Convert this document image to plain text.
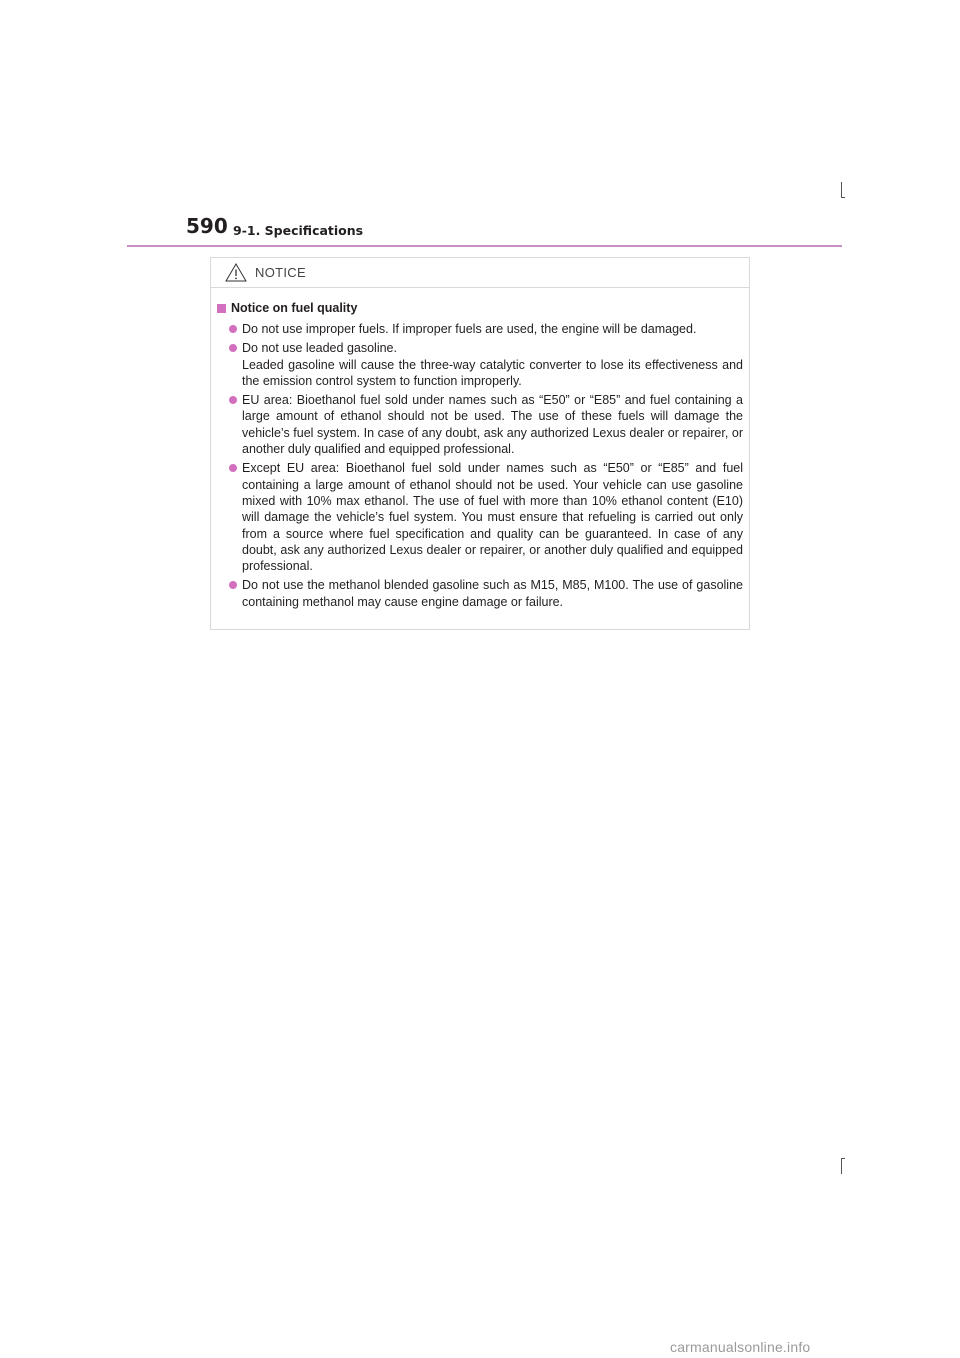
590 9-1. Specifications
NOTICE
Notice on fuel quality
Do not use improper fuels. If improper fuels are used, the engine will be damaged.
Do not use leaded gasoline.
Leaded gasoline will cause the three-way catalytic converter to lose its effectiveness and the emission control system to function improperly.
EU area: Bioethanol fuel sold under names such as “E50” or “E85” and fuel containing a large amount of ethanol should not be used. The use of these fuels will damage the vehicle’s fuel system. In case of any doubt, ask any authorized Lexus dealer or repairer, or another duly qualified and equipped professional.
Except EU area: Bioethanol fuel sold under names such as “E50” or “E85” and fuel containing a large amount of ethanol should not be used. Your vehicle can use gasoline mixed with 10% max ethanol. The use of fuel with more than 10% ethanol content (E10) will damage the vehicle’s fuel system. You must ensure that refueling is carried out only from a source where fuel specification and quality can be guaranteed. In case of any doubt, ask any authorized Lexus dealer or repairer, or another duly qualified and equipped professional.
Do not use the methanol blended gasoline such as M15, M85, M100. The use of gasoline containing methanol may cause engine damage or failure.
carmanualsonline.info
